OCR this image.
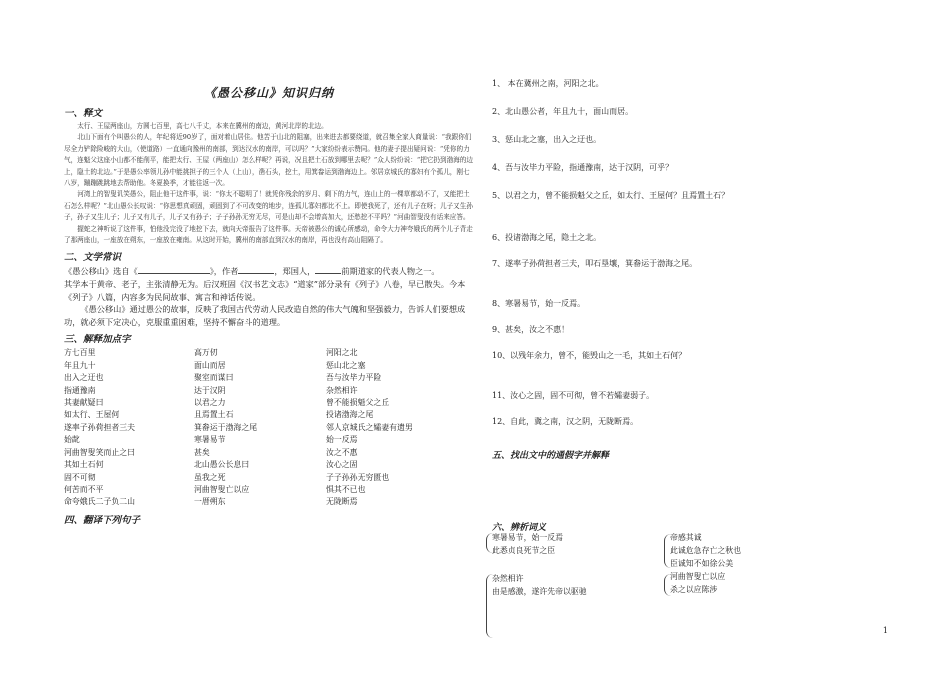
《愚公移山》知识归纳
一、释文

太行、王屋两座山，方圆七百里，高七八千丈，本来在冀州的南边，黄河北岸的北边。

北山下面有个叫愚公的人，年纪将近90岁了，面对着山居住。他苦于山北的阻塞，出来进去都要绕道，就召集全家人商量说：“我跟你们尽全力铲除险峻的大山，（使道路）一直通向豫州的南部，到达汉水的南岸，可以吗？”大家纷纷表示赞同。他的妻子提出疑问说：“凭你的力气，连魁父这座小山都不能削平，能把太行、王屋（两座山）怎么样呢？再说，况且把土石放到哪里去呢？”众人纷纷说：“把它扔到渤海的边上，隐土的北边。”于是愚公率领儿孙中能挑担子的三个人（上山），凿石头，挖土，用箕畚运到渤海边上。邻居京城氏的寡妇有个孤儿，刚七八岁，蹦蹦跳跳地去帮助他。冬夏换季，才能往返一次。

河湾上的智叟讥笑愚公，阻止他干这件事，说：“你太不聪明了！就凭你残余的岁月、剩下的力气，连山上的一棵草都动不了，又能把土石怎么样呢？”北山愚公长叹说：“你思想真顽固，顽固到了不可改变的地步，连孤儿寡妇都比不上。即使我死了，还有儿子在呀；儿子又生孙子，孙子又生儿子；儿子又有儿子，儿子又有孙子；子子孙孙无穷无尽，可是山却不会增高加大，还愁挖不平吗？”河曲智叟没有话来应答。

握蛇之神听说了这件事，怕他没完没了地挖下去，就向天帝报告了这件事。天帝被愚公的诚心所感动，命令大力神夸娥氏的两个儿子背走了那两座山，一座放在朔东，一座放在雍南。从这时开始，冀州的南部直到汉水的南岸，再也没有高山阻隔了。

二、文学常识

《愚公移山》选自《	》，作者	，郑国人，	前期道家的代表人物之一。

其学本于黄帝、老子，主张清静无为。后汉班固《汉书艺文志》“道家”部分录有《列子》八卷，早已散失。今本《列子》八篇，内容多为民间故事、寓言和神话传说。

《愚公移山》通过愚公的故事，反映了我国古代劳动人民改造自然的伟大气魄和坚强毅力，告诉人们要想成功，就必须下定决心，克服重重困难，坚持不懈奋斗的道理。

三、解释加点字
方七百里	高万仞	河阳之北
年且九十	面山而居	惩山北之塞
出入之迂也	聚室而谋曰	吾与汝毕力平险
指通豫南	达于汉阴	杂然相许
其妻献疑曰	以君之力	曾不能损魁父之丘
如太行、王屋何	且焉置土石	投诸渤海之尾
遂率子孙荷担者三夫	箕畚运于渤海之尾	邻人京城氏之孀妻有遗男
始龀	寒暑易节	始一反焉
河曲智叟笑而止之曰	甚矣	汝之不惠
其如土石何	北山愚公长息曰	汝心之固
固不可彻	虽我之死	子子孙孙无穷匮也
何苦而不平	河曲智叟亡以应	惧其不已也
命夸娥氏二子负二山	一厝朔东	无陇断焉
四、翻译下列句子

1、 本在冀州之南，河阳之北。

2、北山愚公者，年且九十，面山而居。

3、惩山北之塞，出入之迂也。

4、吾与汝毕力平险，指通豫南，达于汉阴，可乎？

5、以君之力，曾不能损魁父之丘，如太行、王屋何？且焉置土石？

6、投诸渤海之尾，隐土之北。

7、遂率子孙荷担者三夫，叩石垦壤，箕畚运于渤海之尾。

8、寒暑易节，始一反焉。

9、甚矣，汝之不惠！

10、以残年余力，曾不，能毁山之一毛，其如土石何？

11、汝心之固，固不可彻，曾不若孀妻弱子。

12、自此，冀之南，汉之阴，无陇断焉。

五、找出文中的通假字并解释
六、辨析词义
寒暑易节，始一反焉
此悉贞良死节之臣
杂然相许
由是感激，遂许先帝以驱驰
帝感其诚
此诚危急存亡之秋也
臣诚知不如徐公美
河曲智叟亡以应
杀之以应陈涉
1
